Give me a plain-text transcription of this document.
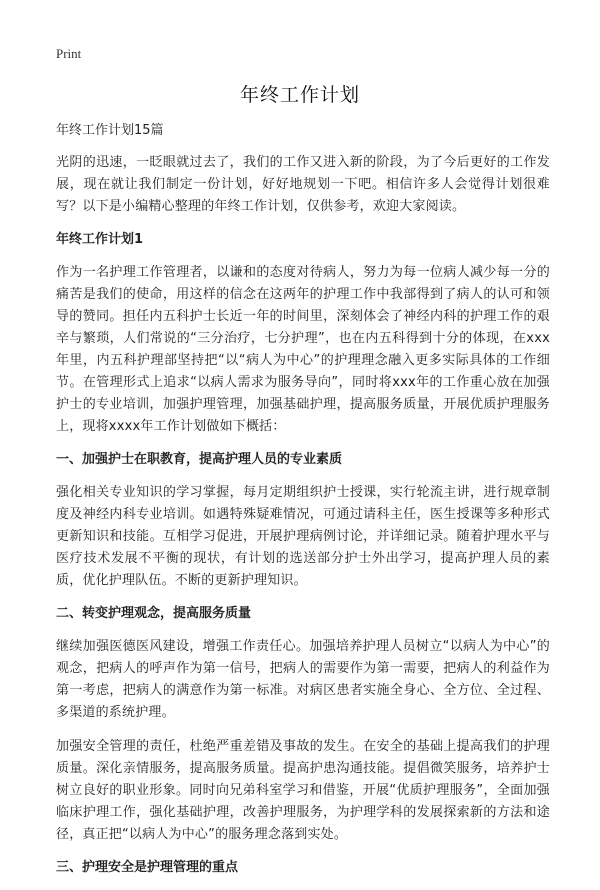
Print
年终工作计划
年终工作计划15篇

光阴的迅速，一眨眼就过去了，我们的工作又进入新的阶段，为了今后更好的工作发展，现在就让我们制定一份计划，好好地规划一下吧。相信许多人会觉得计划很难写？以下是小编精心整理的年终工作计划，仅供参考，欢迎大家阅读。

年终工作计划1

作为一名护理工作管理者，以谦和的态度对待病人，努力为每一位病人减少每一分的痛苦是我们的使命，用这样的信念在这两年的护理工作中我部得到了病人的认可和领导的赞同。担任内五科护士长近一年的时间里，深刻体会了神经内科的护理工作的艰辛与繁琐，人们常说的“三分治疗，七分护理”，也在内五科得到十分的体现，在xxx年里，内五科护理部坚持把“以“病人为中心”的护理理念融入更多实际具体的工作细节。在管理形式上追求“以病人需求为服务导向”，同时将xxx年的工作重心放在加强护士的专业培训，加强护理管理，加强基础护理，提高服务质量，开展优质护理服务上，现将xxxx年工作计划做如下概括：

一、加强护士在职教育，提高护理人员的专业素质

强化相关专业知识的学习掌握，每月定期组织护士授课，实行轮流主讲，进行规章制度及神经内科专业培训。如遇特殊疑难情况，可通过请科主任，医生授课等多种形式更新知识和技能。互相学习促进，开展护理病例讨论，并详细记录。随着护理水平与医疗技术发展不平衡的现状，有计划的选送部分护士外出学习，提高护理人员的素质，优化护理队伍。不断的更新护理知识。

二、转变护理观念，提高服务质量

继续加强医德医风建设，增强工作责任心。加强培养护理人员树立“以病人为中心”的观念，把病人的呼声作为第一信号，把病人的需要作为第一需要，把病人的利益作为第一考虑，把病人的满意作为第一标准。对病区患者实施全身心、全方位、全过程、多渠道的系统护理。

加强安全管理的责任，杜绝严重差错及事故的发生。在安全的基础上提高我们的护理质量。深化亲情服务，提高服务质量。提高护患沟通技能。提倡微笑服务，培养护士树立良好的职业形象。同时向兄弟科室学习和借鉴，开展“优质护理服务”，全面加强临床护理工作，强化基础护理，改善护理服务，为护理学科的发展探索新的方法和途径，真正把“以病人为中心”的服务理念落到实处。

三、护理安全是护理管理的重点
